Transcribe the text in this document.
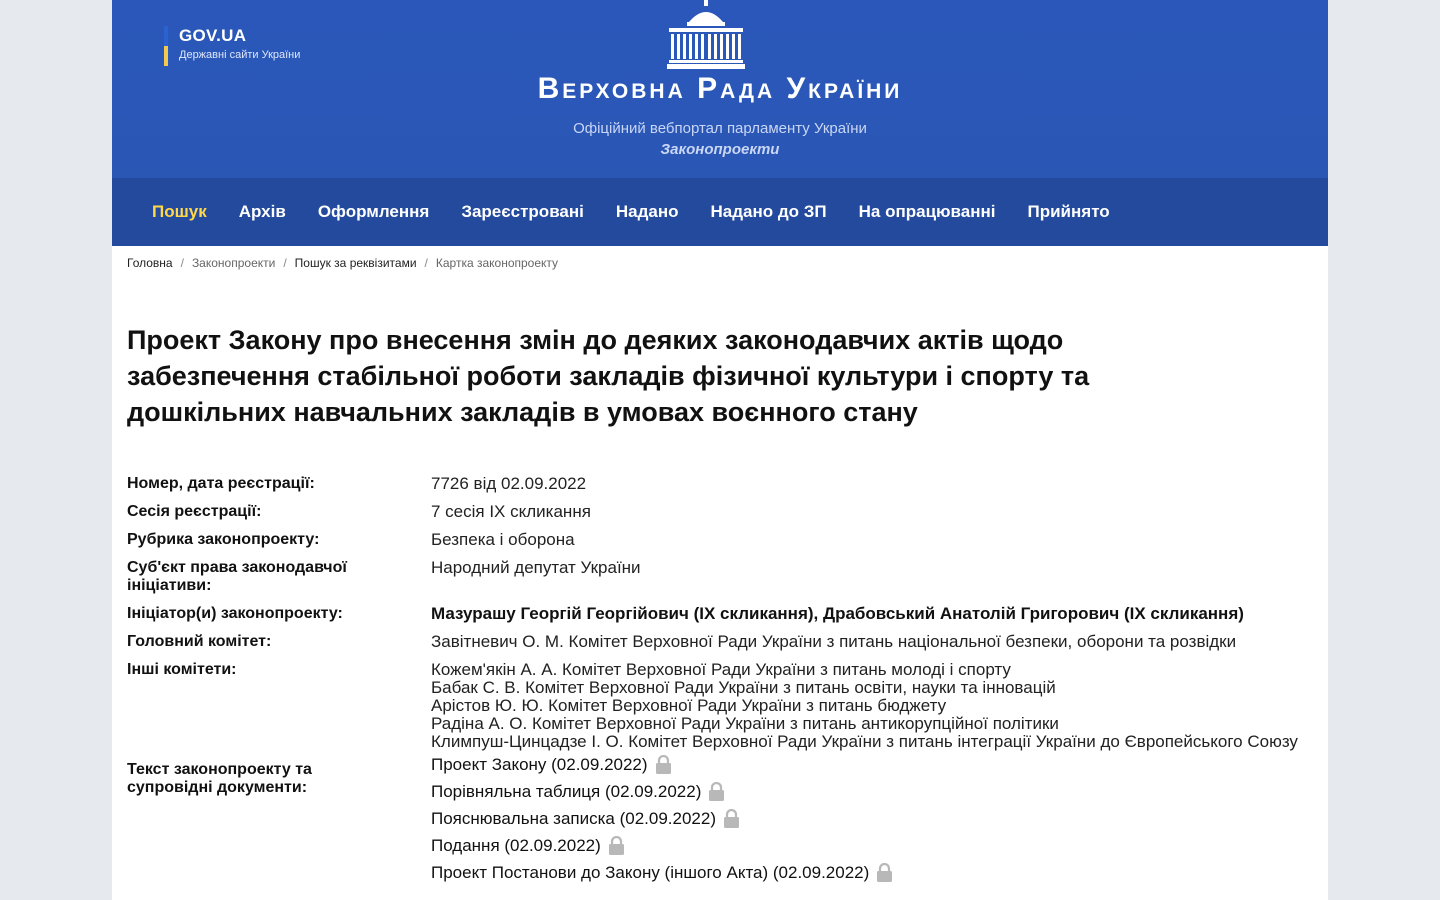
GOV.UA
Державні сайти України
Верховна Рада України
Офіційний вебпортал парламенту України
Законопроекти
Пошук Архів Оформлення Зареєстровані Надано Надано до ЗП На опрацюванні Прийнято
Головна / Законопроекти / Пошук за реквізитами / Картка законопроекту
Проект Закону про внесення змін до деяких законодавчих актів щодо забезпечення стабільної роботи закладів фізичної культури і спорту та дошкільних навчальних закладів в умовах воєнного стану
Номер, дата реєстрації:	7726 від 02.09.2022
Сесія реєстрації:	7 сесія IX скликання
Рубрика законопроекту:	Безпека і оборона
Суб'єкт права законодавчої ініціативи:
Народний депутат України
Ініціатор(и) законопроекту:	Мазурашу Георгій Георгійович (IX скликання), Драбовський Анатолій Григорович (IX скликання)
Головний комітет:	Завітневич О. М. Комітет Верховної Ради України з питань національної безпеки, оборони та розвідки
Інші комітети:	Кожем'якін А. А. Комітет Верховної Ради України з питань молоді і спорту
Бабак С. В. Комітет Верховної Ради України з питань освіти, науки та інновацій
Арістов Ю. Ю. Комітет Верховної Ради України з питань бюджету
Радіна А. О. Комітет Верховної Ради України з питань антикорупційної політики
Климпуш-Цинцадзе І. О. Комітет Верховної Ради України з питань інтеграції України до Європейського Союзу
Текст законопроекту та супровідні документи:
Проект Закону (02.09.2022)
Порівняльна таблиця (02.09.2022)
Пояснювальна записка (02.09.2022)
Подання (02.09.2022)
Проект Постанови до Закону (іншого Акта) (02.09.2022)
